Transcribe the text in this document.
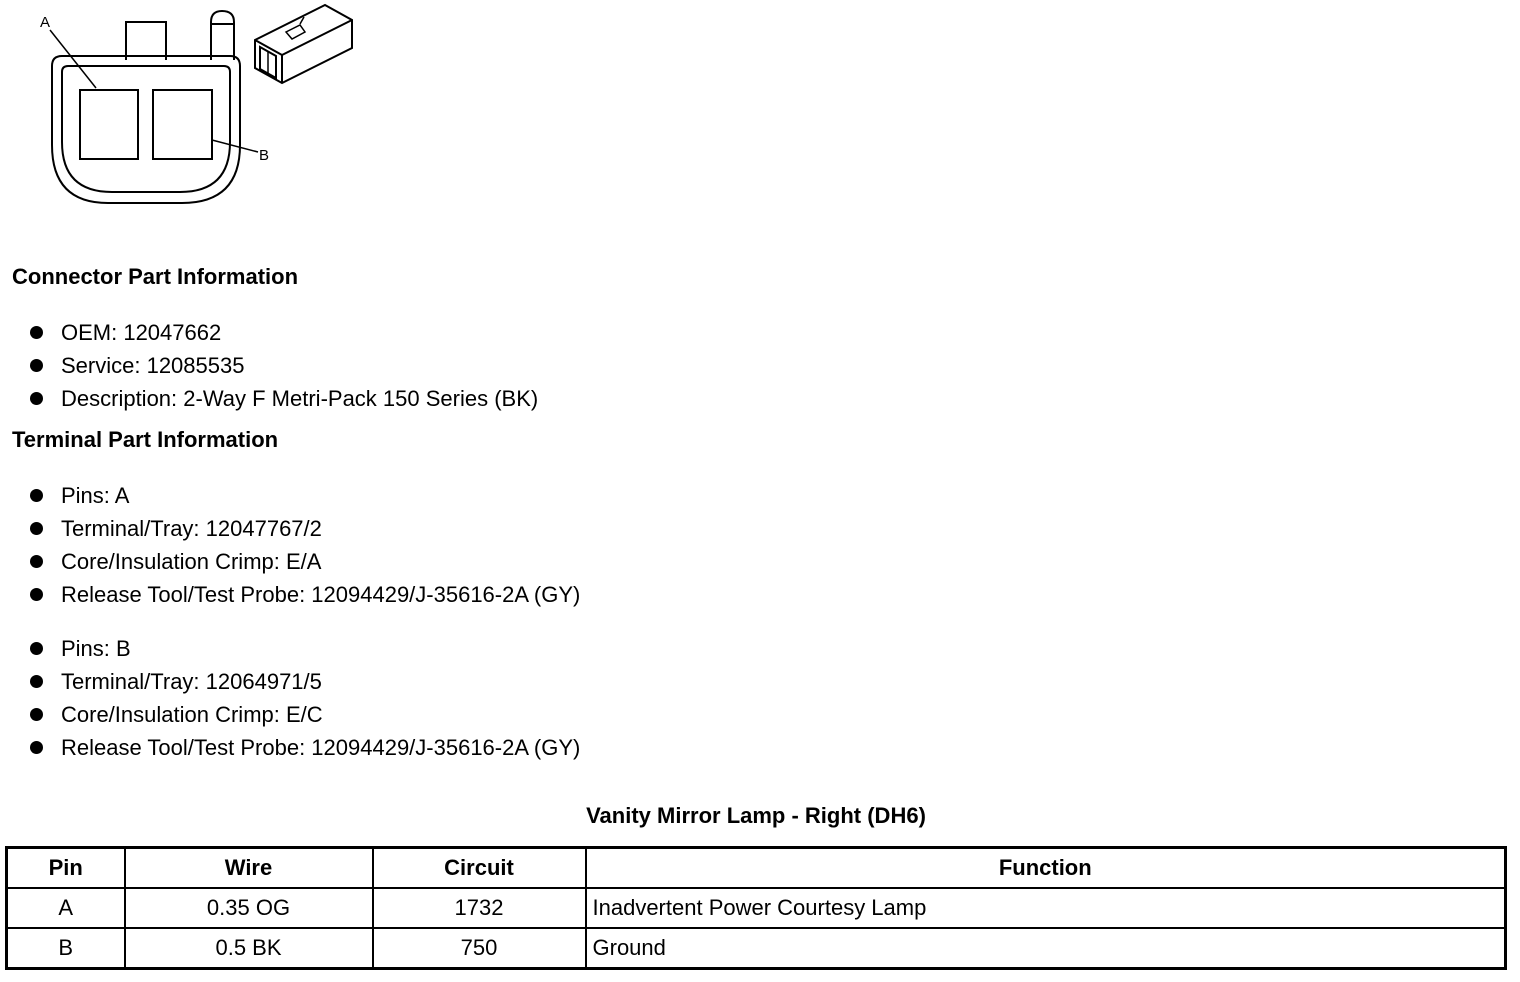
A
B
Connector Part Information
OEM: 12047662
Service: 12085535
Description: 2-Way F Metri-Pack 150 Series (BK)
Terminal Part Information
Pins: A
Terminal/Tray: 12047767/2
Core/Insulation Crimp: E/A
Release Tool/Test Probe: 12094429/J-35616-2A (GY)
Pins: B
Terminal/Tray: 12064971/5
Core/Insulation Crimp: E/C
Release Tool/Test Probe: 12094429/J-35616-2A (GY)
Vanity Mirror Lamp - Right (DH6)
Pin	Wire	Circuit	Function
A	0.35 OG	1732	Inadvertent Power Courtesy Lamp
B	0.5 BK	750	Ground
